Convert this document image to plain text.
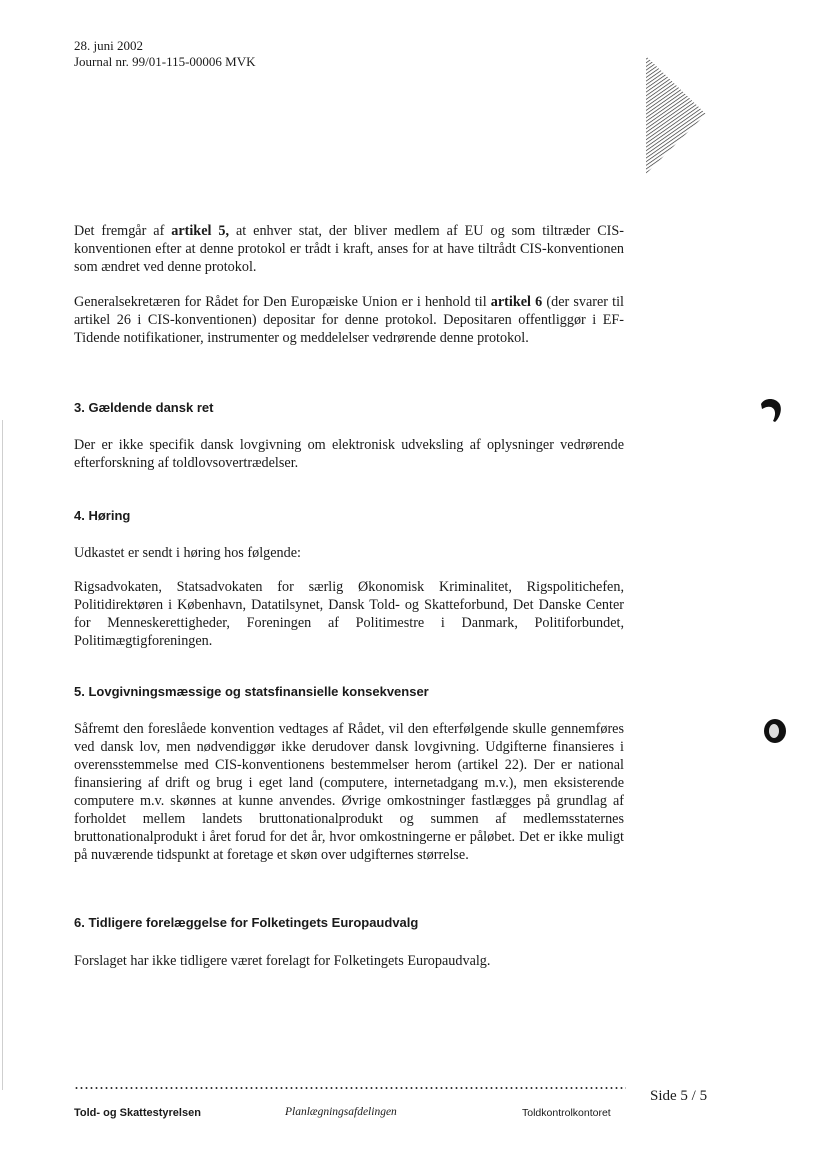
28. juni 2002
Journal nr. 99/01-115-00006 MVK

Det fremgår af artikel 5, at enhver stat, der bliver medlem af EU og som tiltræder CIS-konventionen efter at denne protokol er trådt i kraft, anses for at have tiltrådt CIS-konventionen som ændret ved denne protokol.

Generalsekretæren for Rådet for Den Europæiske Union er i henhold til artikel 6 (der svarer til artikel 26 i CIS-konventionen) depositar for denne protokol. Depositaren offentliggør i EF-Tidende notifikationer, instrumenter og meddelelser vedrørende denne protokol.

3. Gældende dansk ret

Der er ikke specifik dansk lovgivning om elektronisk udveksling af oplysninger vedrørende efterforskning af toldlovsovertrædelser.

4. Høring

Udkastet er sendt i høring hos følgende:

Rigsadvokaten, Statsadvokaten for særlig Økonomisk Kriminalitet, Rigspolitichefen, Politidirektøren i København, Datatilsynet, Dansk Told- og Skatteforbund, Det Danske Center for Menneskerettigheder, Foreningen af Politimestre i Danmark, Politiforbundet, Politimægtigforeningen.

5. Lovgivningsmæssige og statsfinansielle konsekvenser

Såfremt den foreslåede konvention vedtages af Rådet, vil den efterfølgende skulle gennemføres ved dansk lov, men nødvendiggør ikke derudover dansk lovgivning. Udgifterne finansieres i overensstemmelse med CIS-konventionens bestemmelser herom (artikel 22). Der er national finansiering af drift og brug i eget land (computere, internetadgang m.v.), men eksisterende computere m.v. skønnes at kunne anvendes. Øvrige omkostninger fastlægges på grundlag af forholdet mellem landets bruttonationalprodukt og summen af medlemsstaternes bruttonationalprodukt i året forud for det år, hvor omkostningerne er påløbet. Det er ikke muligt på nuværende tidspunkt at foretage et skøn over udgifternes størrelse.

6. Tidligere forelæggelse for Folketingets Europaudvalg

Forslaget har ikke tidligere været forelagt for Folketingets Europaudvalg.

Told- og Skattestyrelsen	Planlægningsafdelingen	Toldkontrolkontoret
Side 5 / 5
